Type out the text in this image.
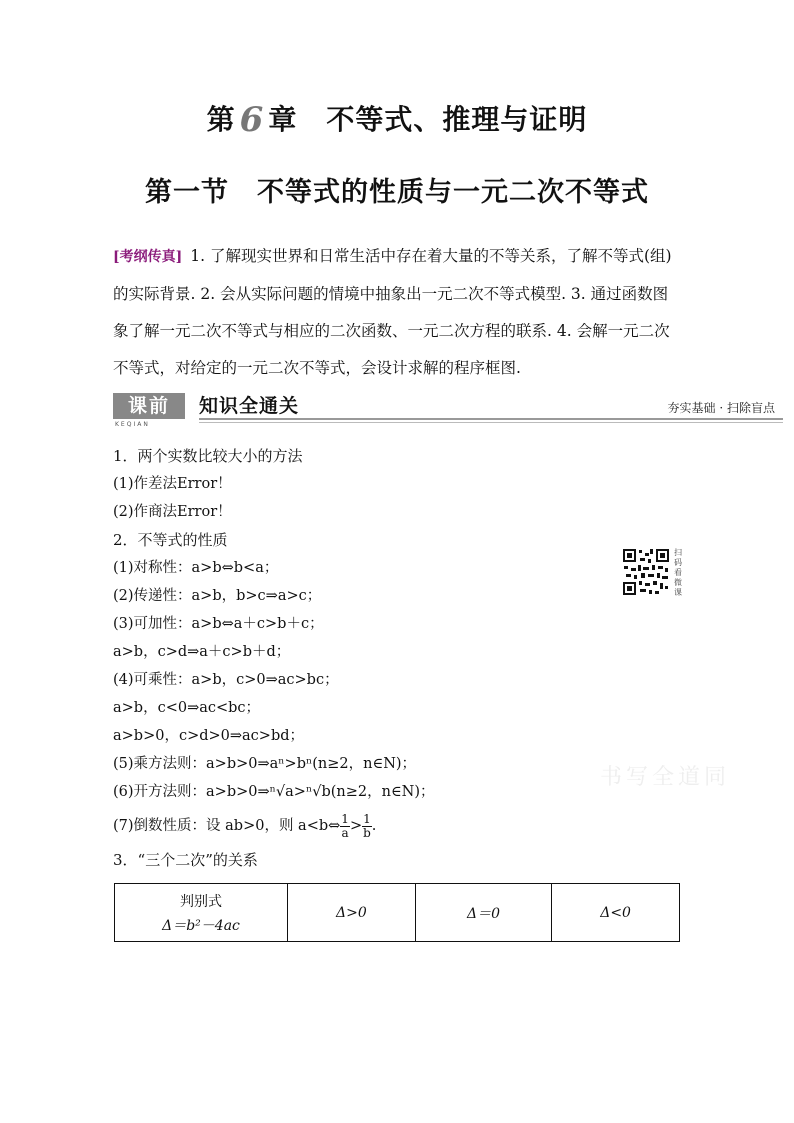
第 6 章　 不等式、推理与证明
第一节　不等式的性质与一元二次不等式
[考纲传真] 1. 了解现实世界和日常生活中存在着大量的不等关系，了解不等式(组)的实际背景. 2. 会从实际问题的情境中抽象出一元二次不等式模型. 3. 通过函数图象了解一元二次不等式与相应的二次函数、一元二次方程的联系. 4. 会解一元二次不等式，对给定的一元二次不等式，会设计求解的程序框图.
课前
KEQIAN
知识全通关	夯实基础 · 扫除盲点
1．两个实数比较大小的方法
(1)作差法Error！
(2)作商法Error！
2．不等式的性质
(1)对称性：a>b⇔b<a；
(2)传递性：a>b，b>c⇒a>c；
(3)可加性：a>b⇔a＋c>b＋c；
a>b，c>d⇒a＋c>b＋d；
(4)可乘性：a>b，c>0⇒ac>bc；
a>b，c<0⇒ac<bc；
a>b>0，c>d>0⇒ac>bd；
(5)乘方法则：a>b>0⇒aⁿ>bⁿ(n≥2，n∈N)；
(6)开方法则：a>b>0⇒ⁿ√a>ⁿ√b(n≥2，n∈N)；
(7)倒数性质：设 ab>0，则 a<b⇔ $\frac{1}{a} > \frac{1}{b}$ .
3．“三个二次”的关系
扫码看微课
书写全道同
判别式
Δ＝b²－4ac
	Δ>0	Δ＝0	Δ<0
